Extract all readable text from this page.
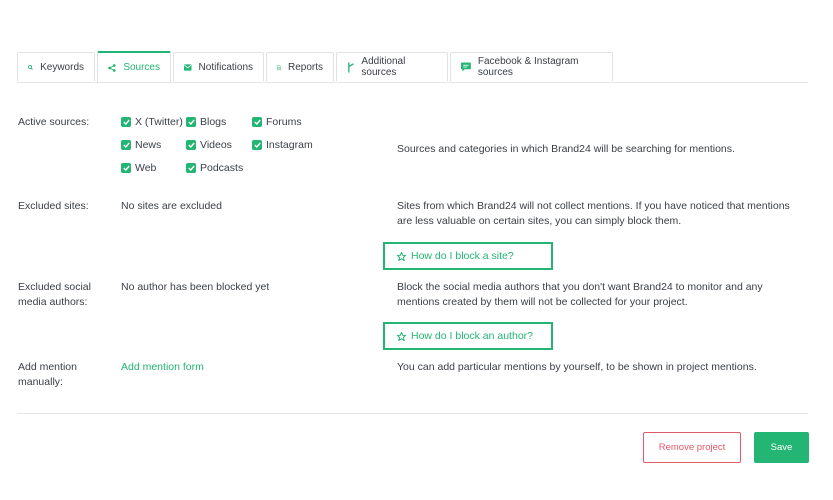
Keywords	Sources	Notifications	Reports	Additional sources
Facebook & Instagram sources
Active sources:	X (Twitter) Blogs	Forums
News	Videos	Instagram
Web	Podcasts
Sources and categories in which Brand24 will be searching for mentions.
Excluded sites:	No sites are excluded	Sites from which Brand24 will not collect mentions. If you have noticed that mentions
are less valuable on certain sites, you can simply block them.
How do I block a site?
Excluded social
media authors:
No author has been blocked yet	Block the social media authors that you don't want Brand24 to monitor and any
mentions created by them will not be collected for your project.
How do I block an author?
Add mention
manually:
Add mention form	You can add particular mentions by yourself, to be shown in project mentions.
Remove project	Save
